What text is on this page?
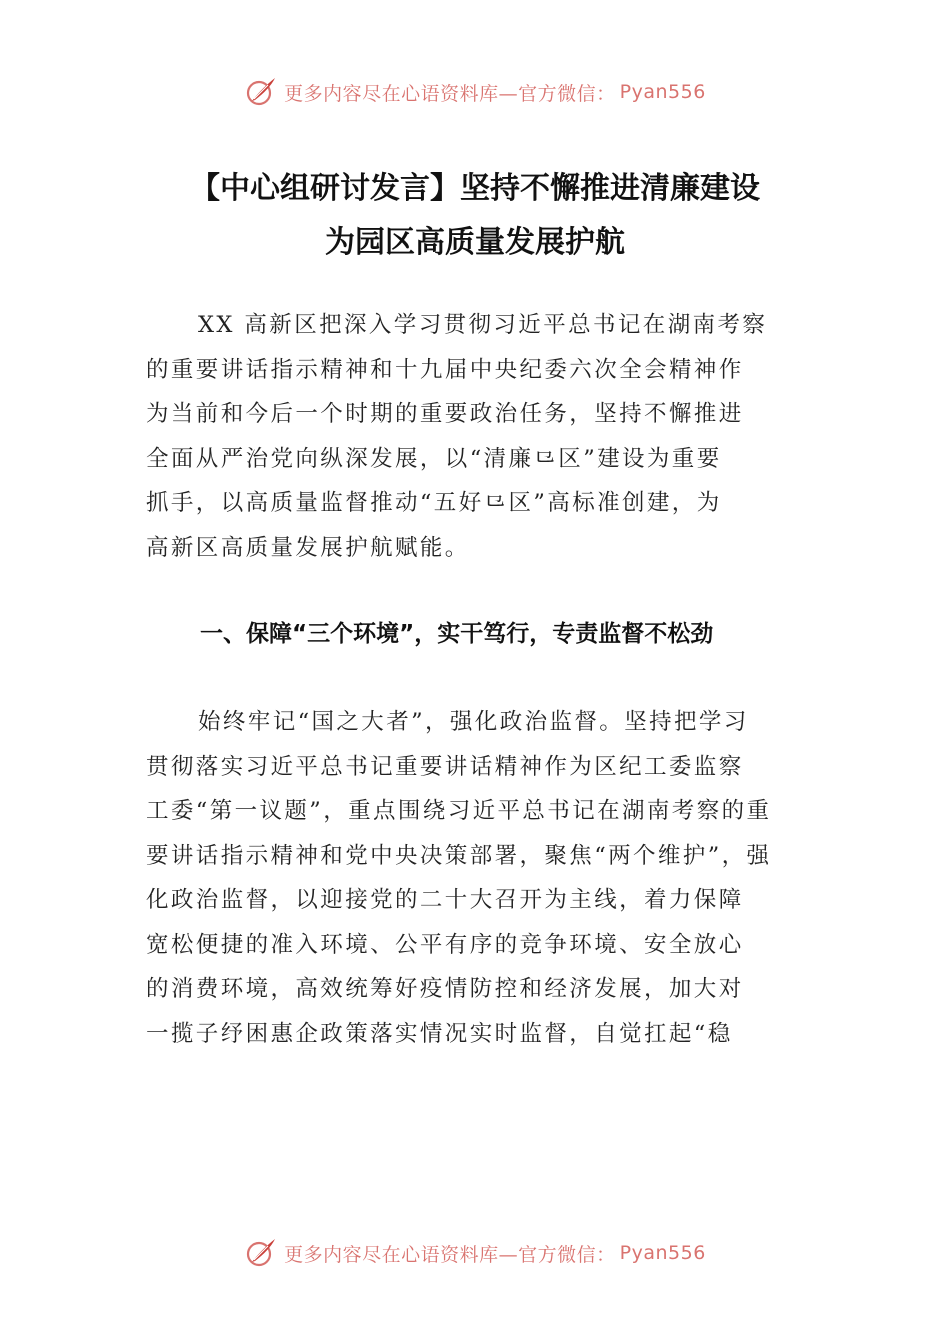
更多内容尽在心语资料库—官方微信： Pyan556
【中心组研讨发言】坚持不懈推进清廉建设
为园区高质量发展护航
XX 高新区把深入学习贯彻习近平总书记在湖南考察
的重要讲话指示精神和十九届中央纪委六次全会精神作
为当前和今后一个时期的重要政治任务，坚持不懈推进
全面从严治党向纵深发展，以“清廉⺋区”建设为重要
抓手，以高质量监督推动“五好⺋区”高标准创建，为
高新区高质量发展护航赋能。
一、保障“三个环境”，实干笃行，专责监督不松劲
始终牢记“国之大者”，强化政治监督。坚持把学习
贯彻落实习近平总书记重要讲话精神作为区纪工委监察
工委“第一议题”，重点围绕习近平总书记在湖南考察的重
要讲话指示精神和党中央决策部署，聚焦“两个维护”，强
化政治监督，以迎接党的二十大召开为主线，着力保障
宽松便捷的准入环境、公平有序的竞争环境、安全放心
的消费环境，高效统筹好疫情防控和经济发展，加大对
一揽子纾困惠企政策落实情况实时监督，自觉扛起“稳
更多内容尽在心语资料库—官方微信： Pyan556
